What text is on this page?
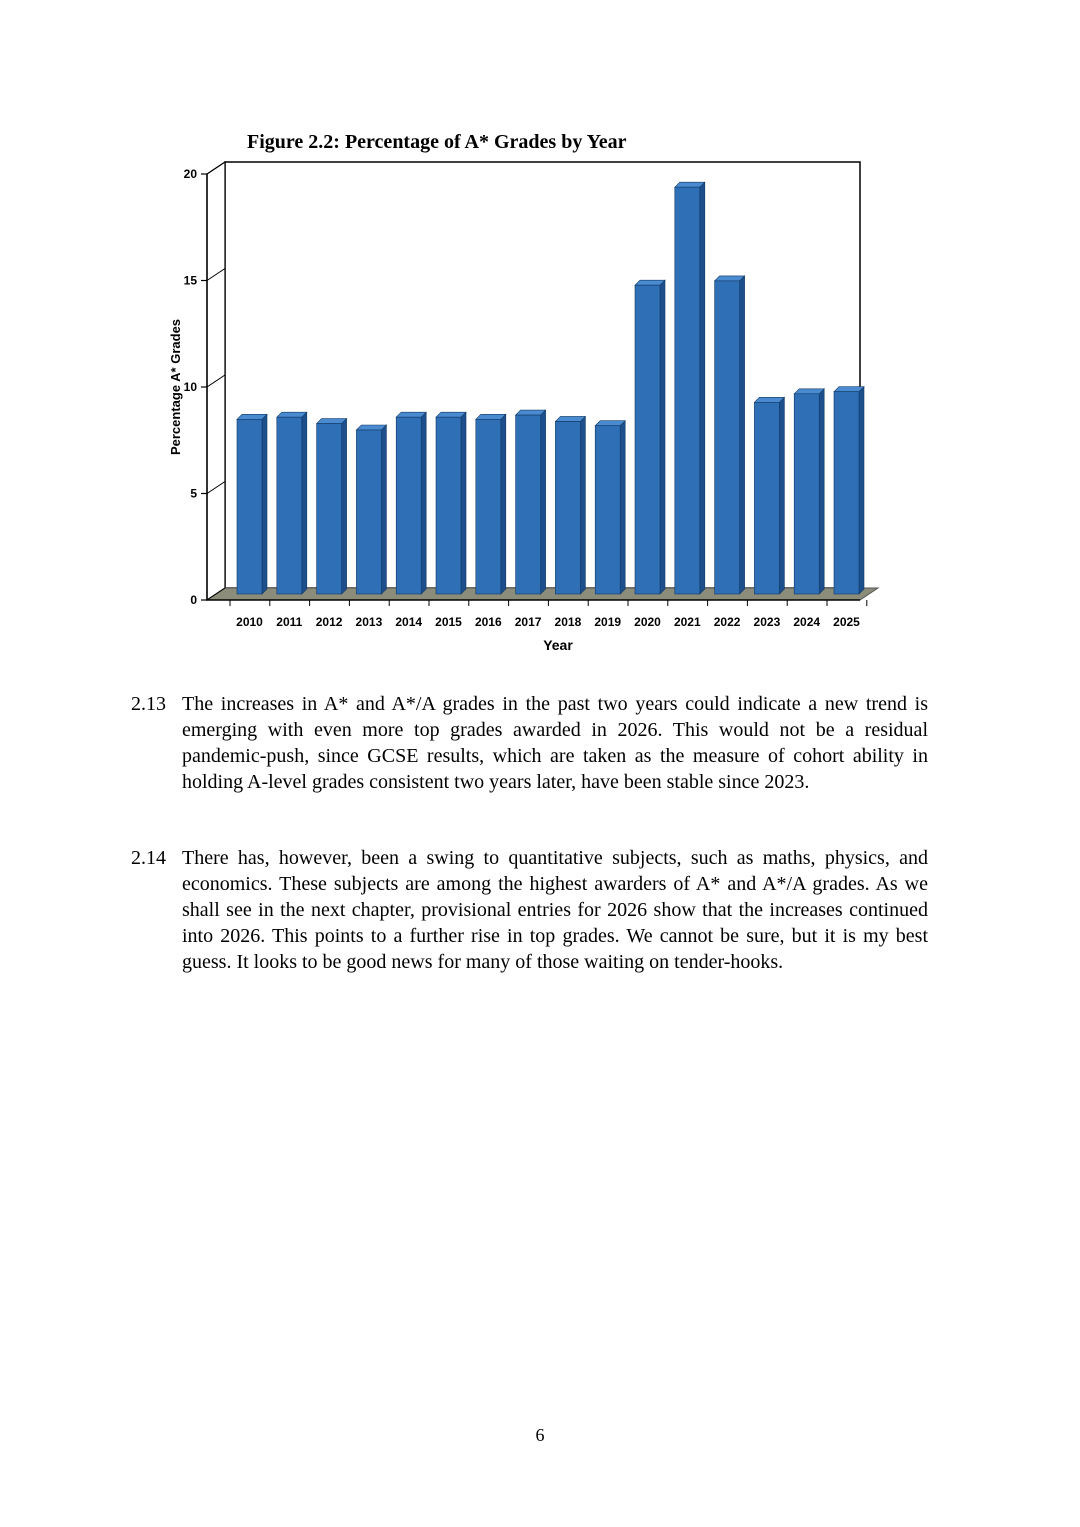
Figure 2.2: Percentage of A* Grades by Year
0
5
10
15
20
2010 2011 2012 2013 2014 2015 2016 2017 2018 2019 2020 2021 2022 2023 2024 2025
Percentage A* Grades
Year
2.13 The increases in A* and A*/A grades in the past two years could indicate a new trend is emerging with even more top grades awarded in 2026. This would not be a residual pandemic-push, since GCSE results, which are taken as the measure of cohort ability in holding A-level grades consistent two years later, have been stable since 2023.
2.14 There has, however, been a swing to quantitative subjects, such as maths, physics, and economics. These subjects are among the highest awarders of A* and A*/A grades. As we shall see in the next chapter, provisional entries for 2026 show that the increases continued into 2026. This points to a further rise in top grades. We cannot be sure, but it is my best guess. It looks to be good news for many of those waiting on tender-hooks.
6
